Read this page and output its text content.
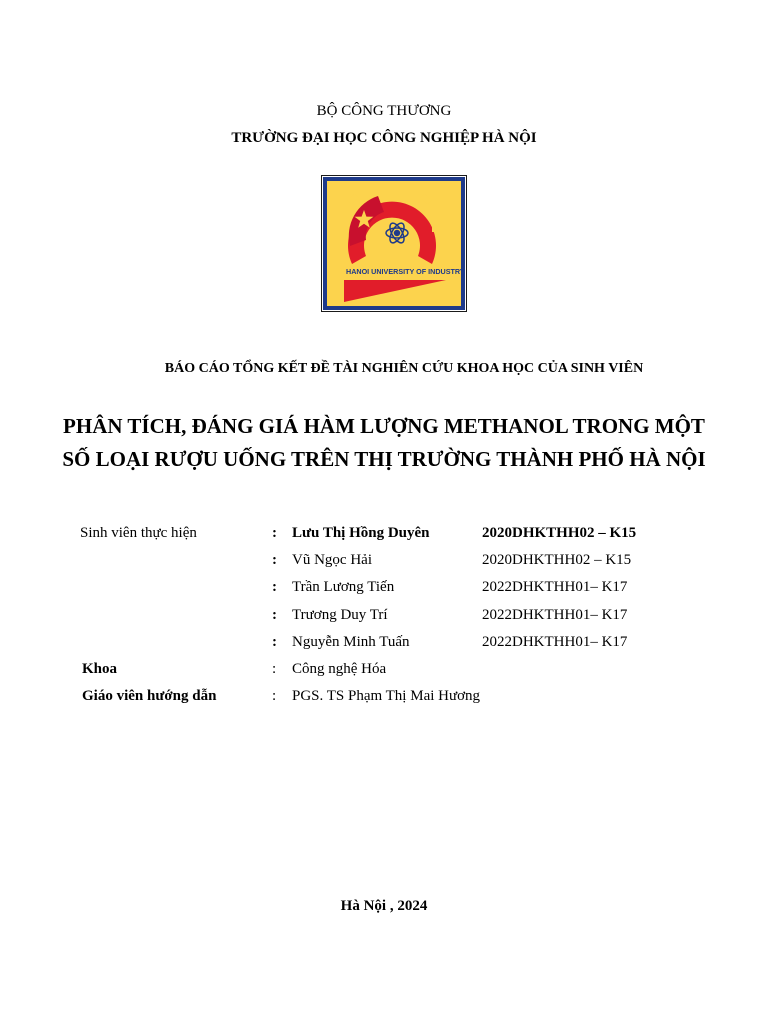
BỘ CÔNG THƯƠNG
TRƯỜNG ĐẠI HỌC CÔNG NGHIỆP HÀ NỘI
HANOI UNIVERSITY OF INDUSTRY
BÁO CÁO TỔNG KẾT ĐỀ TÀI NGHIÊN CỨU KHOA HỌC CỦA SINH VIÊN
PHÂN TÍCH, ĐÁNG GIÁ HÀM LƯỢNG METHANOL TRONG MỘT
SỐ LOẠI RƯỢU UỐNG TRÊN THỊ TRƯỜNG THÀNH PHỐ HÀ NỘI
Sinh viên thực hiện	: Lưu Thị Hồng Duyên	2020DHKTHH02 – K15
: Vũ Ngọc Hải	2020DHKTHH02 – K15
: Trần Lương Tiến	2022DHKTHH01– K17
: Trương Duy Trí	2022DHKTHH01– K17
: Nguyễn Minh Tuấn	2022DHKTHH01– K17
Khoa	: Công nghệ Hóa
Giáo viên hướng dẫn	: PGS. TS Phạm Thị Mai Hương
Hà Nội , 2024
